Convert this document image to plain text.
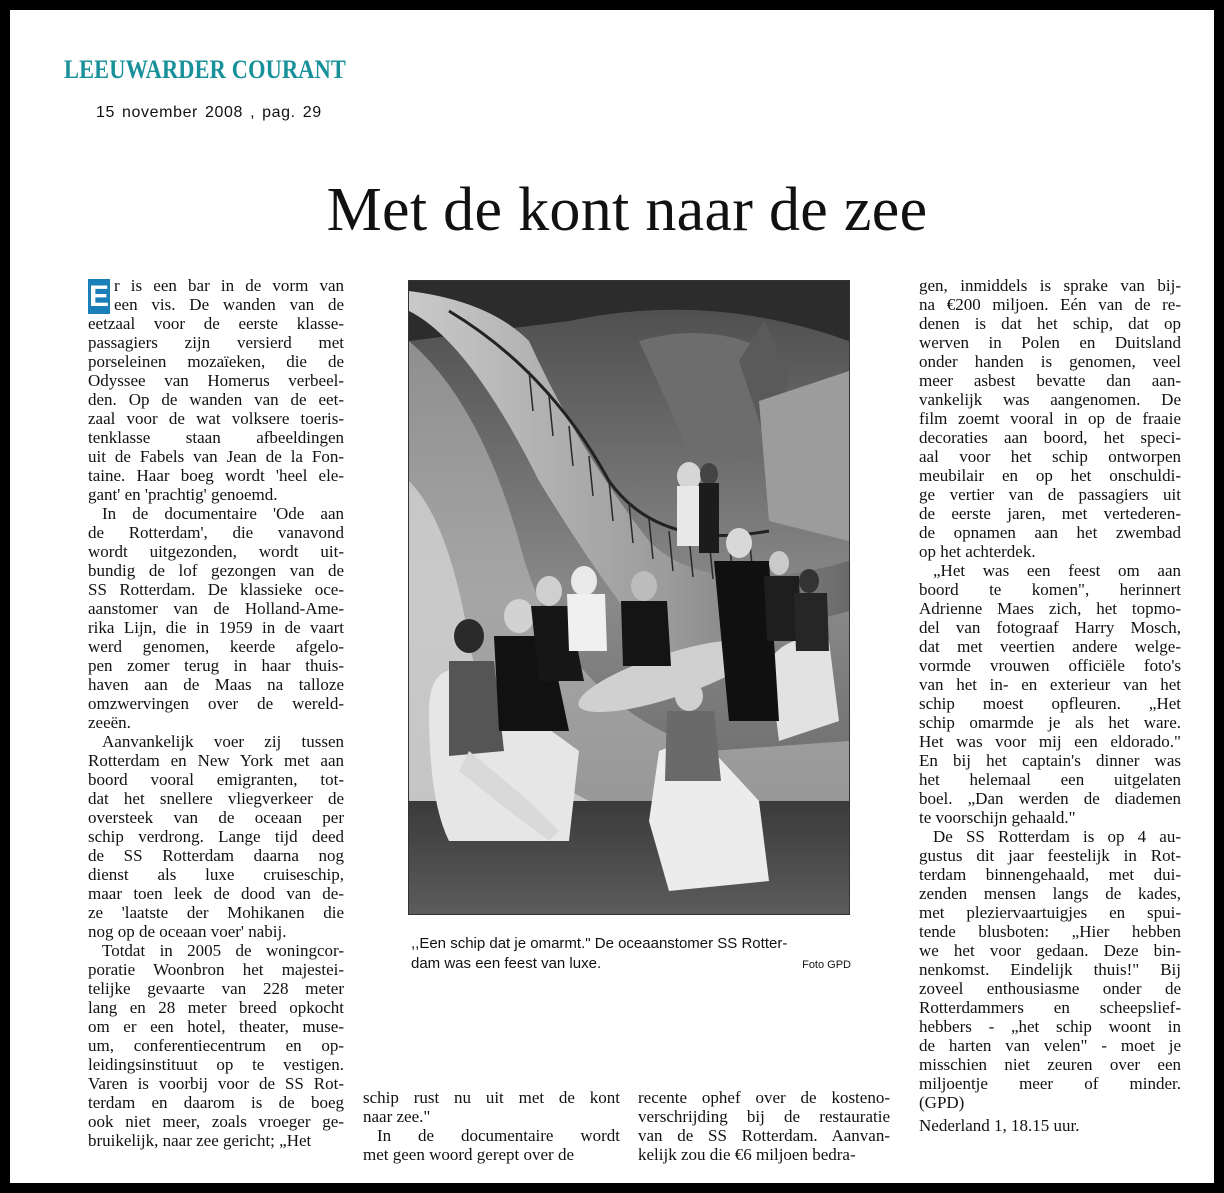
LEEUWARDER COURANT
15 november 2008 , pag. 29
Met de kont naar de zee
E r is een bar in de vorm van
een vis. De wanden van de
eetzaal voor de eerste klasse-
passagiers zijn versierd met
porseleinen mozaïeken, die de
Odyssee van Homerus verbeel-
den. Op de wanden van de eet-
zaal voor de wat volksere toeris-
tenklasse staan afbeeldingen
uit de Fabels van Jean de la Fon-
taine. Haar boeg wordt 'heel ele-
gant' en 'prachtig' genoemd.
In de documentaire 'Ode aan
de Rotterdam', die vanavond
wordt uitgezonden, wordt uit-
bundig de lof gezongen van de
SS Rotterdam. De klassieke oce-
aanstomer van de Holland-Ame-
rika Lijn, die in 1959 in de vaart
werd genomen, keerde afgelo-
pen zomer terug in haar thuis-
haven aan de Maas na talloze
omzwervingen over de wereld-
zeeën.
Aanvankelijk voer zij tussen
Rotterdam en New York met aan
boord vooral emigranten, tot-
dat het snellere vliegverkeer de
oversteek van de oceaan per
schip verdrong. Lange tijd deed
de SS Rotterdam daarna nog
dienst als luxe cruiseschip,
maar toen leek de dood van de-
ze 'laatste der Mohikanen die
nog op de oceaan voer' nabij.
Totdat in 2005 de woningcor-
poratie Woonbron het majestei-
telijke gevaarte van 228 meter
lang en 28 meter breed opkocht
om er een hotel, theater, muse-
um, conferentiecentrum en op-
leidingsinstituut op te vestigen.
Varen is voorbij voor de SS Rot-
terdam en daarom is de boeg
ook niet meer, zoals vroeger ge-
bruikelijk, naar zee gericht; „Het
,,Een schip dat je omarmt." De oceaanstomer SS Rotter-
dam was een feest van luxe.	Foto GPD
schip rust nu uit met de kont
naar zee."
In de documentaire wordt
met geen woord gerept over de
recente ophef over de kosteno-
verschrijding bij de restauratie
van de SS Rotterdam. Aanvan-
kelijk zou die €6 miljoen bedra-
gen, inmiddels is sprake van bij-
na €200 miljoen. Eén van de re-
denen is dat het schip, dat op
werven in Polen en Duitsland
onder handen is genomen, veel
meer asbest bevatte dan aan-
vankelijk was aangenomen. De
film zoemt vooral in op de fraaie
decoraties aan boord, het speci-
aal voor het schip ontworpen
meubilair en op het onschuldi-
ge vertier van de passagiers uit
de eerste jaren, met vertederen-
de opnamen aan het zwembad
op het achterdek.
„Het was een feest om aan
boord te komen", herinnert
Adrienne Maes zich, het topmo-
del van fotograaf Harry Mosch,
dat met veertien andere welge-
vormde vrouwen officiële foto's
van het in- en exterieur van het
schip moest opfleuren. „Het
schip omarmde je als het ware.
Het was voor mij een eldorado."
En bij het captain's dinner was
het helemaal een uitgelaten
boel. „Dan werden de diademen
te voorschijn gehaald."
De SS Rotterdam is op 4 au-
gustus dit jaar feestelijk in Rot-
terdam binnengehaald, met dui-
zenden mensen langs de kades,
met pleziervaartuigjes en spui-
tende blusboten: „Hier hebben
we het voor gedaan. Deze bin-
nenkomst. Eindelijk thuis!" Bij
zoveel enthousiasme onder de
Rotterdammers en scheepslief-
hebbers - „het schip woont in
de harten van velen" - moet je
misschien niet zeuren over een
miljoentje meer of minder.
(GPD)
Nederland 1, 18.15 uur.
